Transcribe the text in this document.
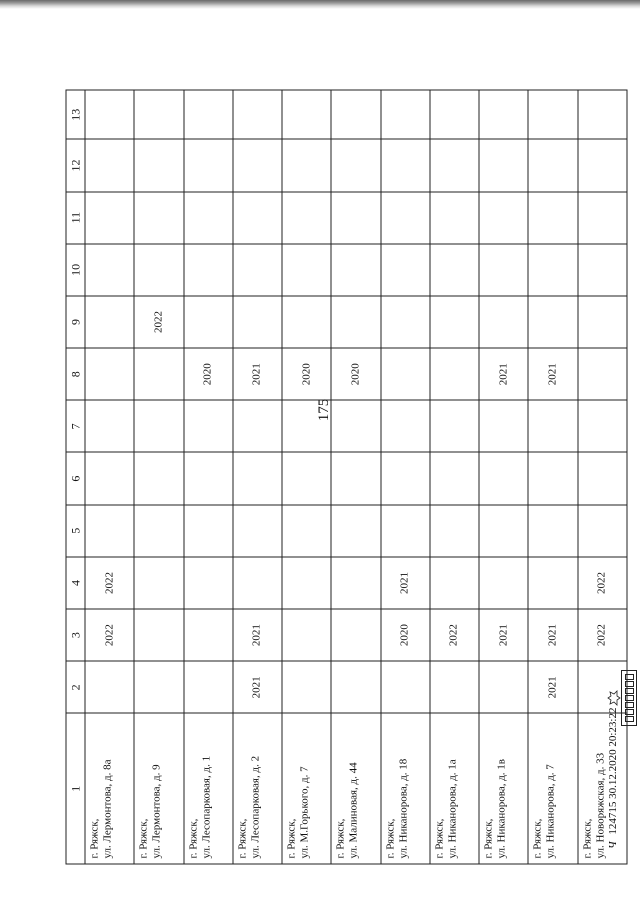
175
1	2	3	4	5	6	7	8	9	10	11	12	13
г. Ряжск,
ул. Лермонтова, д. 8а		2022	2022									
г. Ряжск,
ул. Лермонтова, д. 9								2022				
г. Ряжск,
ул. Лесопарковая, д. 1							2020					
г. Ряжск,
ул. Лесопарковая, д. 2	2021	2021					2021					
г. Ряжск,
ул. М.Горького, д. 7							2020					
г. Ряжск,
ул. Малиновая, д. 44							2020					
г. Ряжск,
ул. Никанорова, д. 18		2020	2021									
г. Ряжск,
ул. Никанорова, д. 1а		2022										
г. Ряжск,
ул. Никанорова, д. 1в		2021					2021					
г. Ряжск,
ул. Никанорова, д. 7	2021	2021					2021					
г. Ряжск,
ул. Новоряжская, д. 33		2022	2022									
Ч 124715 30.12.2020 20:23:22
